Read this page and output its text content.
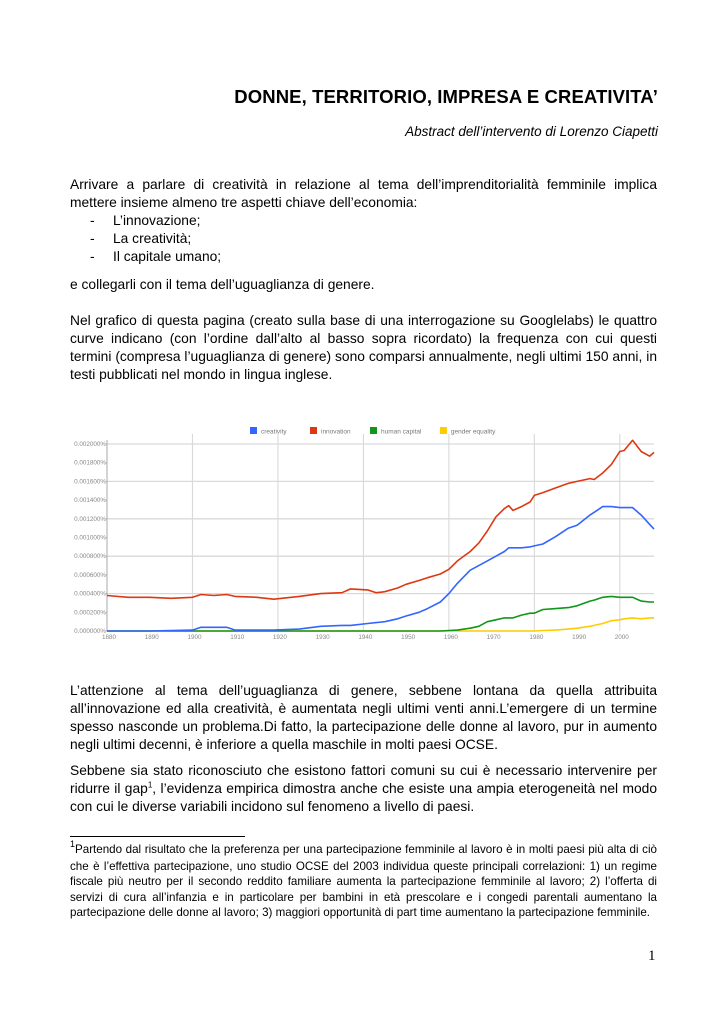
DONNE, TERRITORIO, IMPRESA E CREATIVITA’
Abstract dell’intervento di Lorenzo Ciapetti

Arrivare a parlare di creatività in relazione al tema dell’imprenditorialità femminile implica mettere insieme almeno tre aspetti chiave dell’economia:

- L’innovazione;
- La creatività;
- Il capitale umano;
e collegarli con il tema dell’uguaglianza di genere.
Nel grafico di questa pagina (creato sulla base di una interrogazione su Googlelabs) le quattro curve indicano (con l’ordine dall’alto al basso sopra ricordato) la frequenza con cui questi termini (compresa l’uguaglianza di genere) sono comparsi annualmente, negli ultimi 150 anni, in testi pubblicati nel mondo in lingua inglese.
creativity	innovation	human capital	gender equality
0.000000%
0.000200%
0.000400%
0.000600%
0.000800%
0.001000%
0.001200%
0.001400%
0.001600%
0.001800%
0.002000%
1880	1890	1900	1910	1920	1930	1940	1950	1960	1970	1980	1990	2000
L’attenzione al tema dell’uguaglianza di genere, sebbene lontana da quella attribuita all’innovazione ed alla creatività, è aumentata negli ultimi venti anni.L’emergere di un termine spesso nasconde un problema.Di fatto, la partecipazione delle donne al lavoro, pur in aumento negli ultimi decenni, è inferiore a quella maschile in molti paesi OCSE.
Sebbene sia stato riconosciuto che esistono fattori comuni su cui è necessario intervenire per ridurre il gap$^1$, l’evidenza empirica dimostra anche che esiste una ampia eterogeneità nel modo con cui le diverse variabili incidono sul fenomeno a livello di paesi.
$^1$Partendo dal risultato che la preferenza per una partecipazione femminile al lavoro è in molti paesi più alta di ciò che è l’effettiva partecipazione, uno studio OCSE del 2003 individua queste principali correlazioni: 1) un regime fiscale più neutro per il secondo reddito familiare aumenta la partecipazione femminile al lavoro; 2) l’offerta di servizi di cura all’infanzia e in particolare per bambini in età prescolare e i congedi parentali aumentano la partecipazione delle donne al lavoro; 3) maggiori opportunità di part time aumentano la partecipazione femminile.
1
